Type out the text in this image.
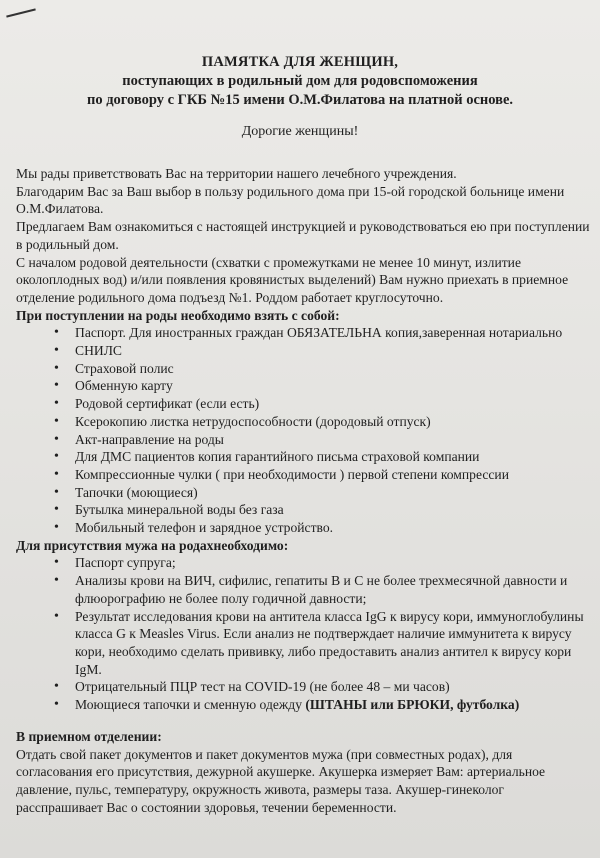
ПАМЯТКА ДЛЯ ЖЕНЩИН,
поступающих в родильный дом для родовспоможения
по договору с ГКБ №15 имени О.М.Филатова на платной основе.
Дорогие женщины!

Мы рады приветствовать Вас на территории нашего лечебного учреждения.

Благодарим Вас за Ваш выбор в пользу родильного дома при 15-ой городской больнице имени О.М.Филатова.

Предлагаем Вам ознакомиться с настоящей инструкцией и руководствоваться ею при поступлении в родильный дом.

С началом родовой деятельности (схватки с промежутками не менее 10 минут, излитие околоплодных вод) и/или появления кровянистых выделений) Вам нужно приехать в приемное отделение родильного дома подъезд №1. Роддом работает круглосуточно.

При поступлении на роды необходимо взять с собой:

• Паспорт. Для иностранных граждан ОБЯЗАТЕЛЬНА копия,заверенная нотариально
• СНИЛС
• Страховой полис
• Обменную карту
• Родовой сертификат (если есть)
• Ксерокопию листка нетрудоспособности (дородовый отпуск)
• Акт-направление на роды
• Для ДМС пациентов копия гарантийного письма страховой компании
• Компрессионные чулки ( при необходимости ) первой степени компрессии
• Тапочки (моющиеся)
• Бутылка минеральной воды без газа
• Мобильный телефон и зарядное устройство.

Для присутствия мужа на родахнеобходимо:

• Паспорт супруга;
• Анализы крови на ВИЧ, сифилис, гепатиты В и С не более трехмесячной давности и флюорографию не более полу годичной давности;
• Результат исследования крови на антитела класса IgG к вирусу кори, иммуноглобулины класса G к Measles Virus. Если анализ не подтверждает наличие иммунитета к вирусу кори, необходимо сделать прививку, либо предоставить анализ антител к вирусу кори IgM.
• Отрицательный ПЦР тест на COVID-19 (не более 48 – ми часов)
• Моющиеся тапочки и сменную одежду (ШТАНЫ или БРЮКИ, футболка)

В приемном отделении:

Отдать свой пакет документов и пакет документов мужа (при совместных родах), для согласования его присутствия, дежурной акушерке. Акушерка измеряет Вам: артериальное давление, пульс, температуру, окружность живота, размеры таза. Акушер-гинеколог расспрашивает Вас о состоянии здоровья, течении беременности.
